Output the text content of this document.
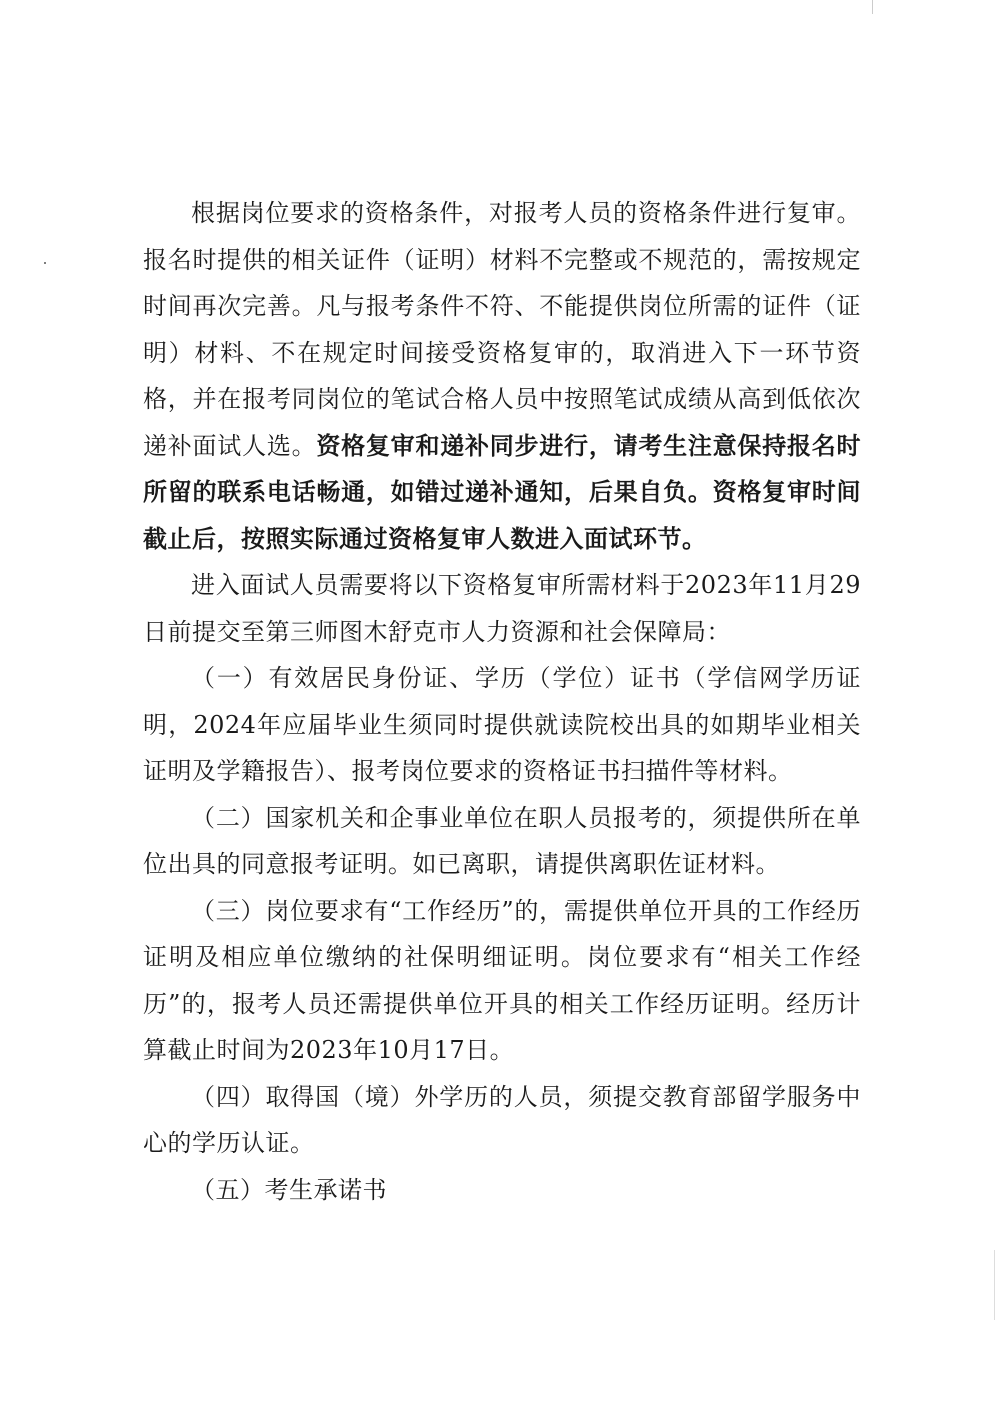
根据岗位要求的资格条件，对报考人员的资格条件进行复审。报名时提供的相关证件（证明）材料不完整或不规范的，需按规定时间再次完善。凡与报考条件不符、不能提供岗位所需的证件（证明）材料、不在规定时间接受资格复审的，取消进入下一环节资格，并在报考同岗位的笔试合格人员中按照笔试成绩从高到低依次递补面试人选。资格复审和递补同步进行，请考生注意保持报名时所留的联系电话畅通，如错过递补通知，后果自负。资格复审时间截止后，按照实际通过资格复审人数进入面试环节。

进入面试人员需要将以下资格复审所需材料于2023年11月29日前提交至第三师图木舒克市人力资源和社会保障局：

（一）有效居民身份证、学历（学位）证书（学信网学历证明，2024年应届毕业生须同时提供就读院校出具的如期毕业相关证明及学籍报告）、报考岗位要求的资格证书扫描件等材料。

（二）国家机关和企事业单位在职人员报考的，须提供所在单位出具的同意报考证明。如已离职，请提供离职佐证材料。

（三）岗位要求有“工作经历”的，需提供单位开具的工作经历证明及相应单位缴纳的社保明细证明。岗位要求有“相关工作经历”的，报考人员还需提供单位开具的相关工作经历证明。经历计算截止时间为2023年10月17日。

（四）取得国（境）外学历的人员，须提交教育部留学服务中心的学历认证。

（五）考生承诺书
